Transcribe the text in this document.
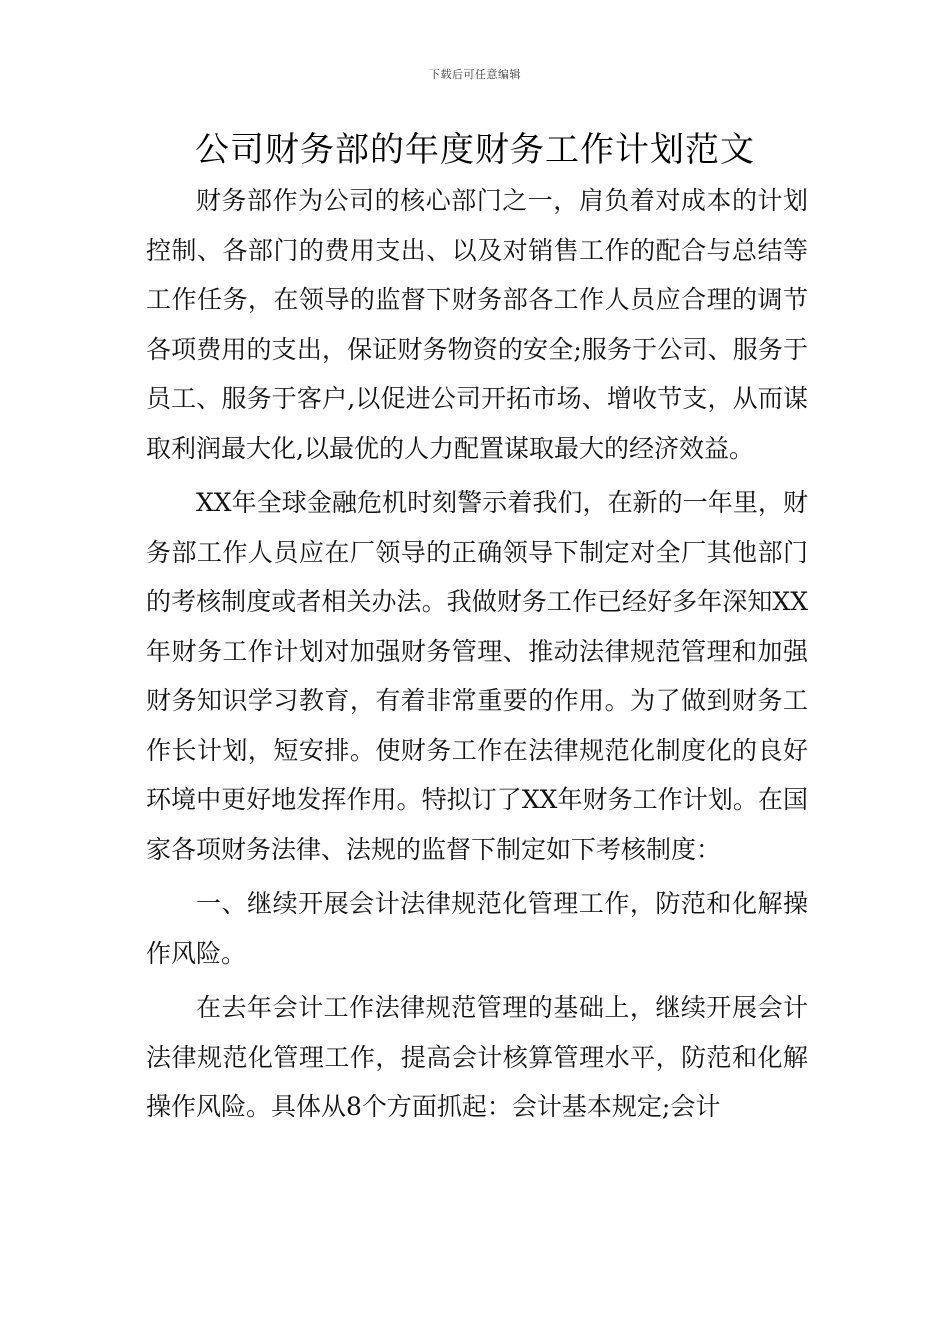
下载后可任意编辑
公司财务部的年度财务工作计划范文

财务部作为公司的核心部门之一，肩负着对成本的计划控制、各部门的费用支出、以及对销售工作的配合与总结等工作任务，在领导的监督下财务部各工作人员应合理的调节各项费用的支出，保证财务物资的安全;服务于公司、服务于员工、服务于客户,以促进公司开拓市场、增收节支，从而谋取利润最大化,以最优的人力配置谋取最大的经济效益。

XX年全球金融危机时刻警示着我们，在新的一年里，财务部工作人员应在厂领导的正确领导下制定对全厂其他部门的考核制度或者相关办法。我做财务工作已经好多年深知XX年财务工作计划对加强财务管理、推动法律规范管理和加强财务知识学习教育，有着非常重要的作用。为了做到财务工作长计划，短安排。使财务工作在法律规范化制度化的良好环境中更好地发挥作用。特拟订了XX年财务工作计划。在国家各项财务法律、法规的监督下制定如下考核制度：

一、继续开展会计法律规范化管理工作，防范和化解操作风险。

在去年会计工作法律规范管理的基础上，继续开展会计法律规范化管理工作，提高会计核算管理水平，防范和化解操作风险。具体从8个方面抓起：会计基本规定;会计
